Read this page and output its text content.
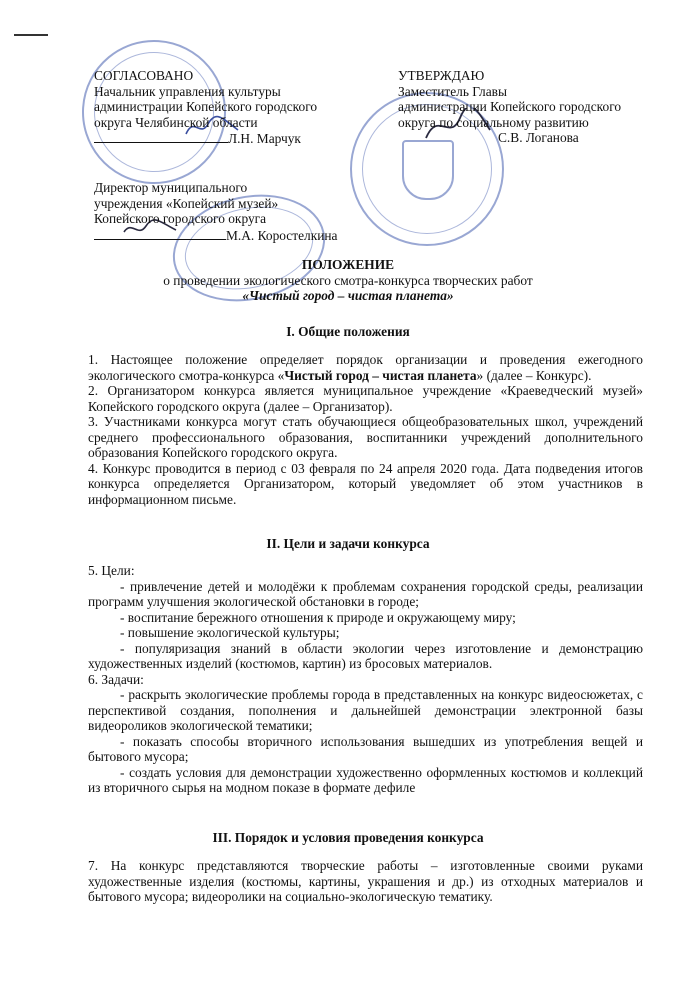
СОГЛАСОВАНО
Начальник управления культуры
администрации Копейского городского
округа Челябинской области
Л.Н. Марчук
УТВЕРЖДАЮ
Заместитель Главы
администрации Копейского городского
округа по социальному развитию
С.В. Логанова
Директор муниципального
учреждения «Копейский музей»
Копейского городского округа
М.А. Коростелкина
ПОЛОЖЕНИЕ
о проведении экологического смотра-конкурса творческих работ
«Чистый город – чистая планета»
I. Общие положения

1. Настоящее положение определяет порядок организации и проведения ежегодного экологического смотра-конкурса «Чистый город – чистая планета» (далее – Конкурс).

2. Организатором конкурса является муниципальное учреждение «Краеведческий музей» Копейского городского округа (далее – Организатор).

3. Участниками конкурса могут стать обучающиеся общеобразовательных школ, учреждений среднего профессионального образования, воспитанники учреждений дополнительного образования Копейского городского округа.

4. Конкурс проводится в период с 03 февраля по 24 апреля 2020 года. Дата подведения итогов конкурса определяется Организатором, который уведомляет об этом участников в информационном письме.

II. Цели и задачи конкурса

5. Цели:

- привлечение детей и молодёжи к проблемам сохранения городской среды, реализации программ улучшения экологической обстановки в городе;

- воспитание бережного отношения к природе и окружающему миру;

- повышение экологической культуры;

- популяризация знаний в области экологии через изготовление и демонстрацию художественных изделий (костюмов, картин) из бросовых материалов.

6. Задачи:

- раскрыть экологические проблемы города в представленных на конкурс видеосюжетах, с перспективой создания, пополнения и дальнейшей демонстрации электронной базы видеороликов экологической тематики;

- показать способы вторичного использования вышедших из употребления вещей и бытового мусора;

- создать условия для демонстрации художественно оформленных костюмов и коллекций из вторичного сырья на модном показе в формате дефиле

III. Порядок и условия проведения конкурса

7. На конкурс представляются творческие работы – изготовленные своими руками художественные изделия (костюмы, картины, украшения и др.) из отходных материалов и бытового мусора; видеоролики на социально-экологическую тематику.
